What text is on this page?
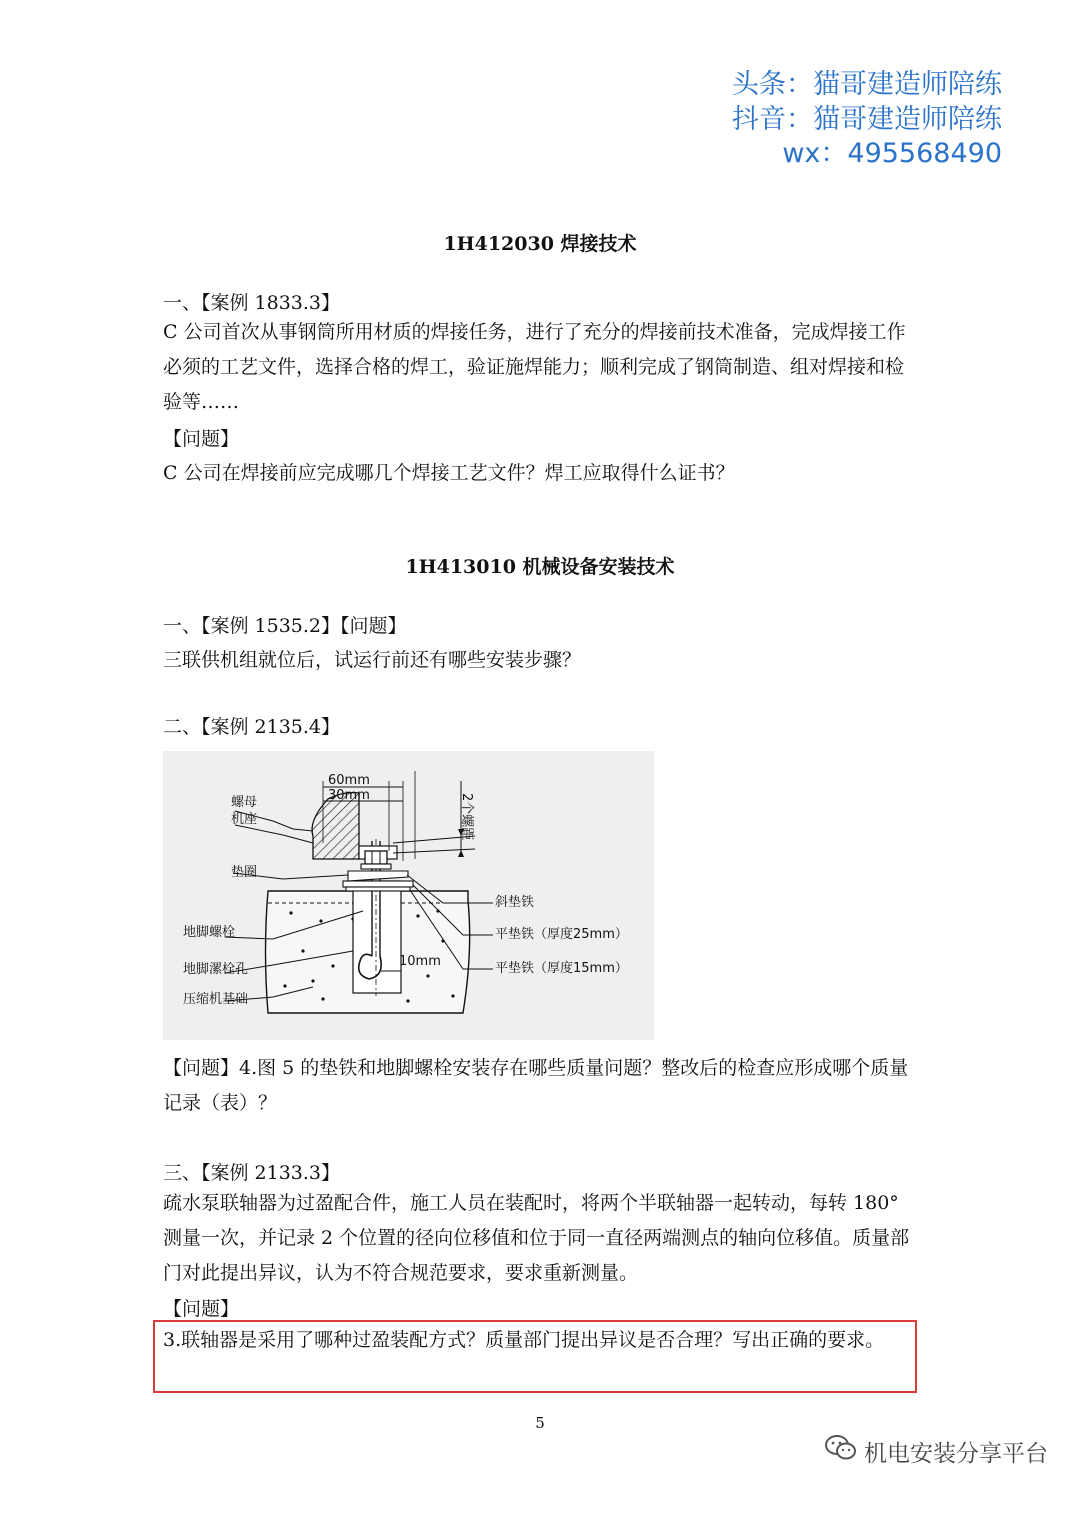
头条：猫哥建造师陪练
抖音：猫哥建造师陪练
wx：495568490
1H412030 焊接技术
一、【案例 1833.3】
C 公司首次从事钢筒所用材质的焊接任务，进行了充分的焊接前技术准备，完成焊接工作必须的工艺文件，选择合格的焊工，验证施焊能力；顺利完成了钢筒制造、组对焊接和检验等……
【问题】
C 公司在焊接前应完成哪几个焊接工艺文件？焊工应取得什么证书？
1H413010 机械设备安装技术
一、【案例 1535.2】【问题】
三联供机组就位后，试运行前还有哪些安装步骤？
二、【案例 2135.4】
60mm
30mm	2个螺距
螺母
机座
垫圈
地脚螺栓
地脚漯栓孔
压缩机基础
斜垫铁
平垫铁（厚度25mm）
平垫铁（厚度15mm）
10mm
【问题】4.图 5 的垫铁和地脚螺栓安装存在哪些质量问题？整改后的检查应形成哪个质量记录（表）？
三、【案例 2133.3】
疏水泵联轴器为过盈配合件，施工人员在装配时，将两个半联轴器一起转动，每转 180° 测量一次，并记录 2 个位置的径向位移值和位于同一直径两端测点的轴向位移值。质量部门对此提出异议，认为不符合规范要求，要求重新测量。
【问题】
3.联轴器是采用了哪种过盈装配方式？质量部门提出异议是否合理？写出正确的要求。
5
机电安装分享平台
